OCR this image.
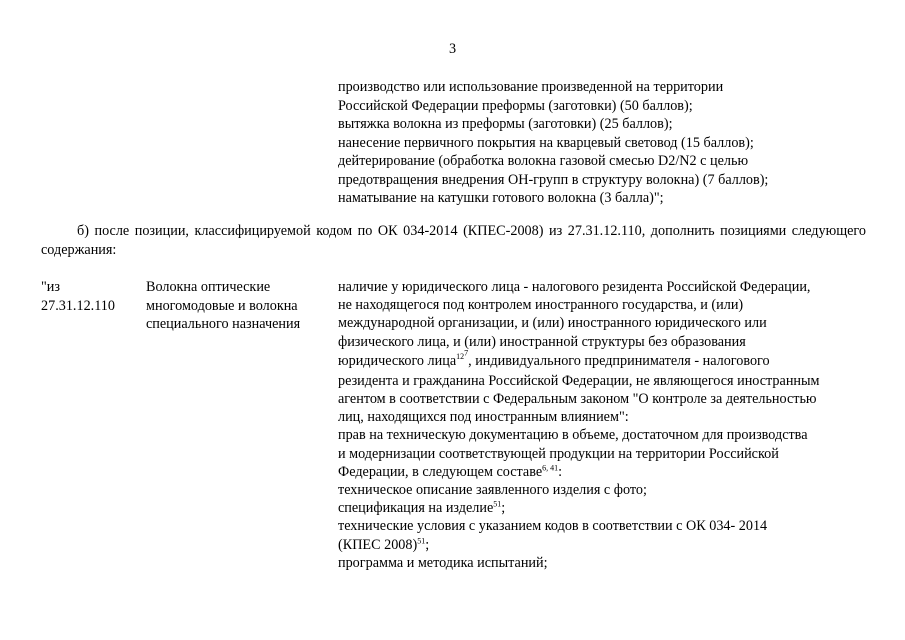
3
производство или использование произведенной на территории
Российской Федерации преформы (заготовки) (50 баллов);
вытяжка волокна из преформы (заготовки) (25 баллов);
нанесение первичного покрытия на кварцевый световод (15 баллов);
дейтерирование (обработка волокна газовой смесью D2/N2 с целью
предотвращения внедрения ОН-групп в структуру волокна) (7 баллов);
наматывание на катушки готового волокна (3 балла)";
б) после позиции, классифицируемой кодом по ОК 034-2014 (КПЕС-2008) из 27.31.12.110, дополнить позициями следующего содержания:
"из
27.31.12.110
Волокна оптические многомодовые и волокна специального назначения
наличие у юридического лица - налогового резидента Российской Федерации,
не находящегося под контролем иностранного государства, и (или)
международной организации, и (или) иностранного юридического или
физического лица, и (или) иностранной структуры без образования
юридического лица$^{12^7}$, индивидуального предпринимателя - налогового
резидента и гражданина Российской Федерации, не являющегося иностранным
агентом в соответствии с Федеральным законом "О контроле за деятельностью
лиц, находящихся под иностранным влиянием":
прав на техническую документацию в объеме, достаточном для производства
и модернизации соответствующей продукции на территории Российской
Федерации, в следующем составе$^{6, 41}$:
техническое описание заявленного изделия с фото;
спецификация на изделие$^{51}$;
технические условия с указанием кодов в соответствии с ОК 034- 2014
(КПЕС 2008)$^{51}$;
программа и методика испытаний;
